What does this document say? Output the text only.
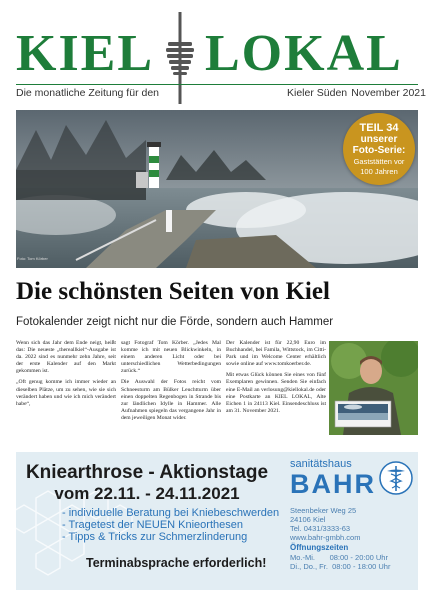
KIEL LOKAL
Die monatliche Zeitung für den	Kieler Süden November 2021
Foto: Tom Körber
TEIL 34
unserer
Foto-Serie:
Gaststätten vor
100 Jahren
Die schönsten Seiten von Kiel
Fotokalender zeigt nicht nur die Förde, sondern auch Hammer

Wenn sich das Jahr dem Ende neigt, heißt das: Die neueste „thereallkiel“-Ausgabe ist da. 2022 sind es nunmehr zehn Jahre, seit der erste Kalender auf den Markt gekommen ist.

„Oft genug komme ich immer wieder an dieselben Plätze, um zu sehen, wie sie sich verändert haben und wie ich mich verändert habe“,

sagt Fotograf Tom Körber. „Jedes Mal komme ich mit neuen Blickwinkeln, in einem anderen Licht oder bei unterschiedlichen Wetterbedingungen zurück.“

Die Auswahl der Fotos reicht vom Schneesturm am Bülker Leuchtturm über einen doppelten Regenbogen in Strande bis zur ländlichen Idylle in Hammer. Alle Aufnahmen spiegeln das vergangene Jahr in dem jeweiligen Monat wider.

Der Kalender ist für 22,90 Euro im Buchhandel, bei Famila, Wittstock, im Citti-Park und im Welcome Center erhältlich sowie online auf www.tomkoerber.de.

Mit etwas Glück können Sie eines von fünf Exemplaren gewinnen. Senden Sie einfach eine E-Mail an verlosung@kiellokal.de oder eine Postkarte an KIEL LOKAL, Alte Eichen 1 in 24113 Kiel. Einsendeschluss ist am 31. November 2021.

Kniearthrose - Aktionstage
vom 22.11. - 24.11.2021
- individuelle Beratung bei Kniebeschwerden
- Tragetest der NEUEN Knieorthesen
- Tipps & Tricks zur Schmerzlinderung
Terminabsprache erforderlich!
sanitätshaus
BAHR
Steenbeker Weg 25
24106 Kiel
Tel. 0431/3333-63
www.bahr-gmbh.com
Öffnungszeiten
Mo.-Mi.       08:00 - 20:00 Uhr
Di., Do., Fr.  08:00 - 18:00 Uhr
